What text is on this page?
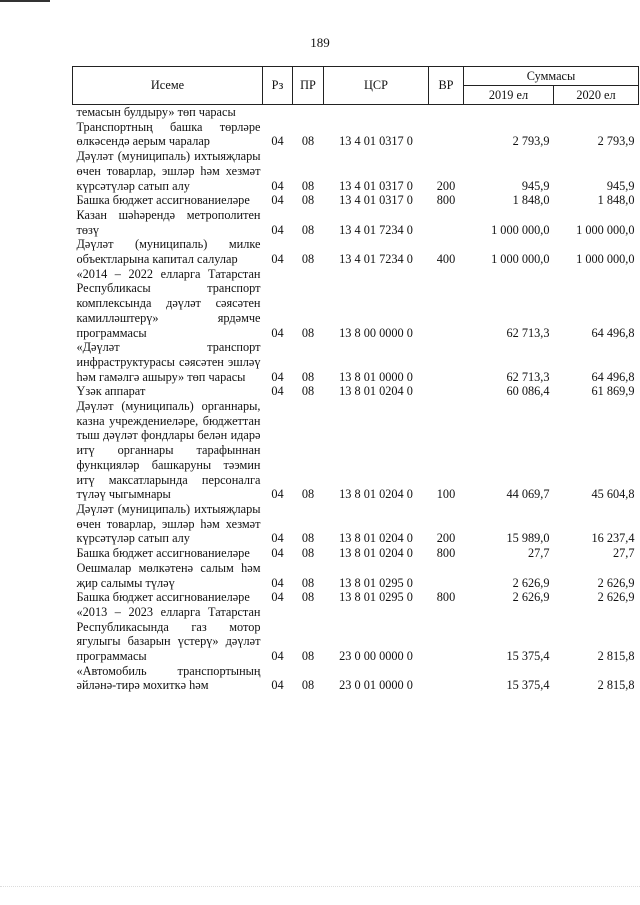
189
Исеме	Рз	ПР	ЦСР	ВР	Суммасы	
					2019 ел	2020 ел
темасын булдыру» төп чарасы
Транспортның башка төрләре өлкәсендә аерым чаралар	04	08	13 4 01 0317 0		2 793,9	2 793,9
Дәүләт (муниципаль) ихтыяҗлары өчен товарлар, эшләр һәм хезмәт күрсәтүләр сатып алу	04	08	13 4 01 0317 0	200	945,9	945,9
Башка бюджет ассигнованиеләре	04	08	13 4 01 0317 0	800	1 848,0	1 848,0
Казан шәһәрендә метрополитен төзү	04	08	13 4 01 7234 0		1 000 000,0	1 000 000,0
Дәүләт (муниципаль) милке объектларына капитал салулар	04	08	13 4 01 7234 0	400	1 000 000,0	1 000 000,0
«2014 – 2022 елларга Татарстан Республикасы транспорт комплексында дәүләт сәясәтен камилләштерү» ярдәмче программасы	04	08	13 8 00 0000 0		62 713,3	64 496,8
«Дәүләт транспорт инфраструктурасы сәясәтен эшләү һәм гамәлгә ашыру» төп чарасы	04	08	13 8 01 0000 0		62 713,3	64 496,8
Үзәк аппарат	04	08	13 8 01 0204 0		60 086,4	61 869,9
Дәүләт (муниципаль) органнары, казна учреждениеләре, бюджеттан тыш дәүләт фондлары белән идарә итү органнары тарафыннан функцияләр башкаруны тәэмин итү максатларында персоналга түләү чыгымнары	04	08	13 8 01 0204 0	100	44 069,7	45 604,8
Дәүләт (муниципаль) ихтыяҗлары өчен товарлар, эшләр һәм хезмәт күрсәтүләр сатып алу	04	08	13 8 01 0204 0	200	15 989,0	16 237,4
Башка бюджет ассигнованиеләре	04	08	13 8 01 0204 0	800	27,7	27,7
Оешмалар мөлкәтенә салым һәм җир салымы түләү	04	08	13 8 01 0295 0		2 626,9	2 626,9
Башка бюджет ассигнованиеләре	04	08	13 8 01 0295 0	800	2 626,9	2 626,9
«2013 – 2023 елларга Татарстан Республикасында газ мотор ягулыгы базарын үстерү» дәүләт программасы	04	08	23 0 00 0000 0		15 375,4	2 815,8
«Автомобиль транспортының әйләнә-тирә мохиткә һәм	04	08	23 0 01 0000 0		15 375,4	2 815,8
